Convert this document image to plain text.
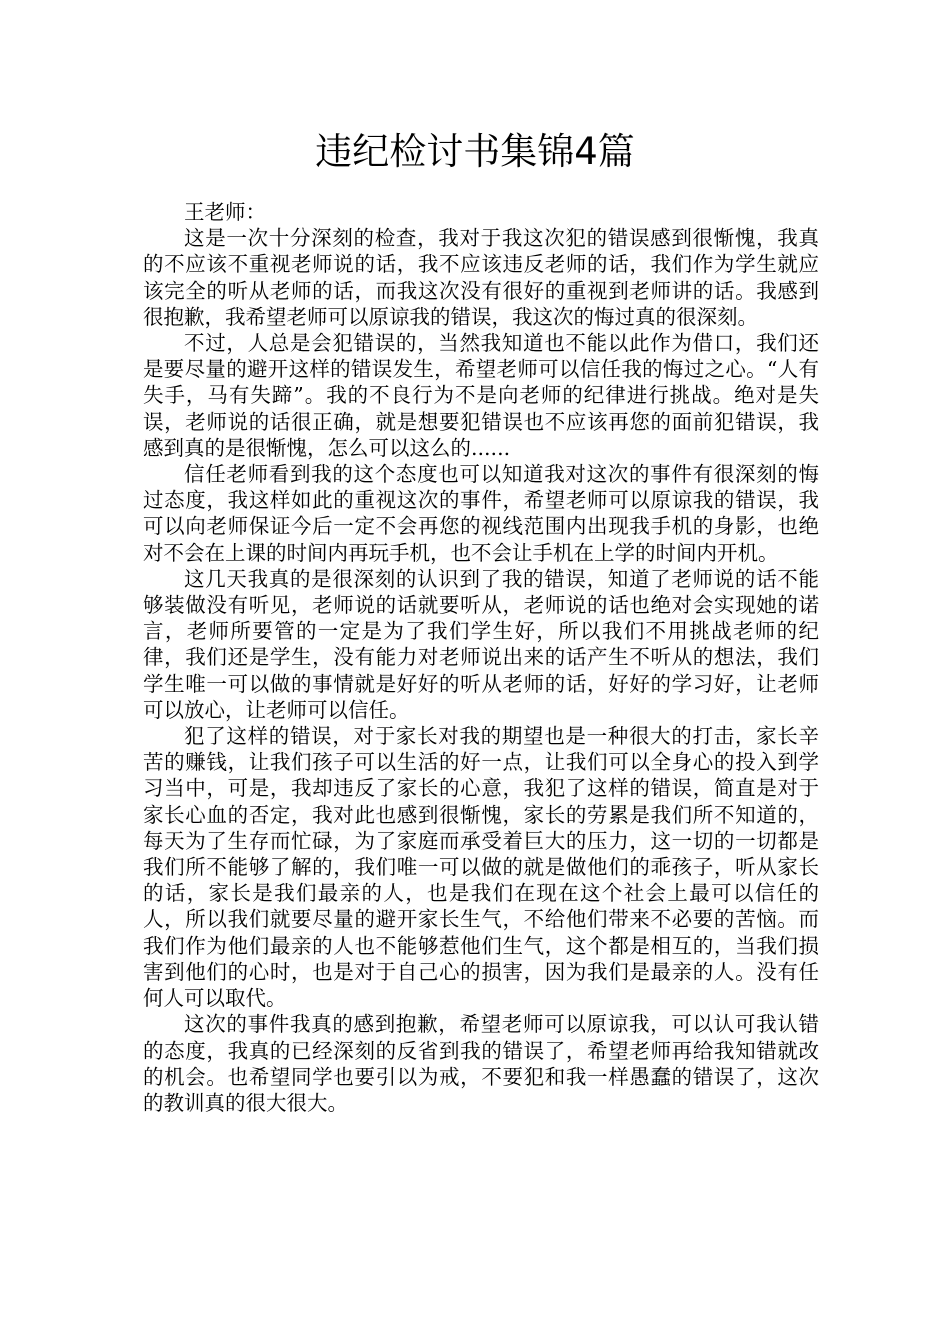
违纪检讨书集锦4篇

王老师：

这是一次十分深刻的检查，我对于我这次犯的错误感到很惭愧，我真的不应该不重视老师说的话，我不应该违反老师的话，我们作为学生就应该完全的听从老师的话，而我这次没有很好的重视到老师讲的话。我感到很抱歉，我希望老师可以原谅我的错误，我这次的悔过真的很深刻。

不过，人总是会犯错误的，当然我知道也不能以此作为借口，我们还是要尽量的避开这样的错误发生，希望老师可以信任我的悔过之心。“人有失手，马有失蹄”。我的不良行为不是向老师的纪律进行挑战。绝对是失误，老师说的话很正确，就是想要犯错误也不应该再您的面前犯错误，我感到真的是很惭愧，怎么可以这么的......

信任老师看到我的这个态度也可以知道我对这次的事件有很深刻的悔过态度，我这样如此的重视这次的事件，希望老师可以原谅我的错误，我可以向老师保证今后一定不会再您的视线范围内出现我手机的身影，也绝对不会在上课的时间内再玩手机，也不会让手机在上学的时间内开机。

这几天我真的是很深刻的认识到了我的错误，知道了老师说的话不能够装做没有听见，老师说的话就要听从，老师说的话也绝对会实现她的诺言，老师所要管的一定是为了我们学生好，所以我们不用挑战老师的纪律，我们还是学生，没有能力对老师说出来的话产生不听从的想法，我们学生唯一可以做的事情就是好好的听从老师的话，好好的学习好，让老师可以放心，让老师可以信任。

犯了这样的错误，对于家长对我的期望也是一种很大的打击，家长辛苦的赚钱，让我们孩子可以生活的好一点，让我们可以全身心的投入到学习当中，可是，我却违反了家长的心意，我犯了这样的错误，简直是对于家长心血的否定，我对此也感到很惭愧，家长的劳累是我们所不知道的，每天为了生存而忙碌，为了家庭而承受着巨大的压力，这一切的一切都是我们所不能够了解的，我们唯一可以做的就是做他们的乖孩子，听从家长的话，家长是我们最亲的人，也是我们在现在这个社会上最可以信任的人，所以我们就要尽量的避开家长生气，不给他们带来不必要的苦恼。而我们作为他们最亲的人也不能够惹他们生气，这个都是相互的，当我们损害到他们的心时，也是对于自己心的损害，因为我们是最亲的人。没有任何人可以取代。

这次的事件我真的感到抱歉，希望老师可以原谅我，可以认可我认错的态度，我真的已经深刻的反省到我的错误了，希望老师再给我知错就改的机会。也希望同学也要引以为戒，不要犯和我一样愚蠢的错误了，这次的教训真的很大很大。
